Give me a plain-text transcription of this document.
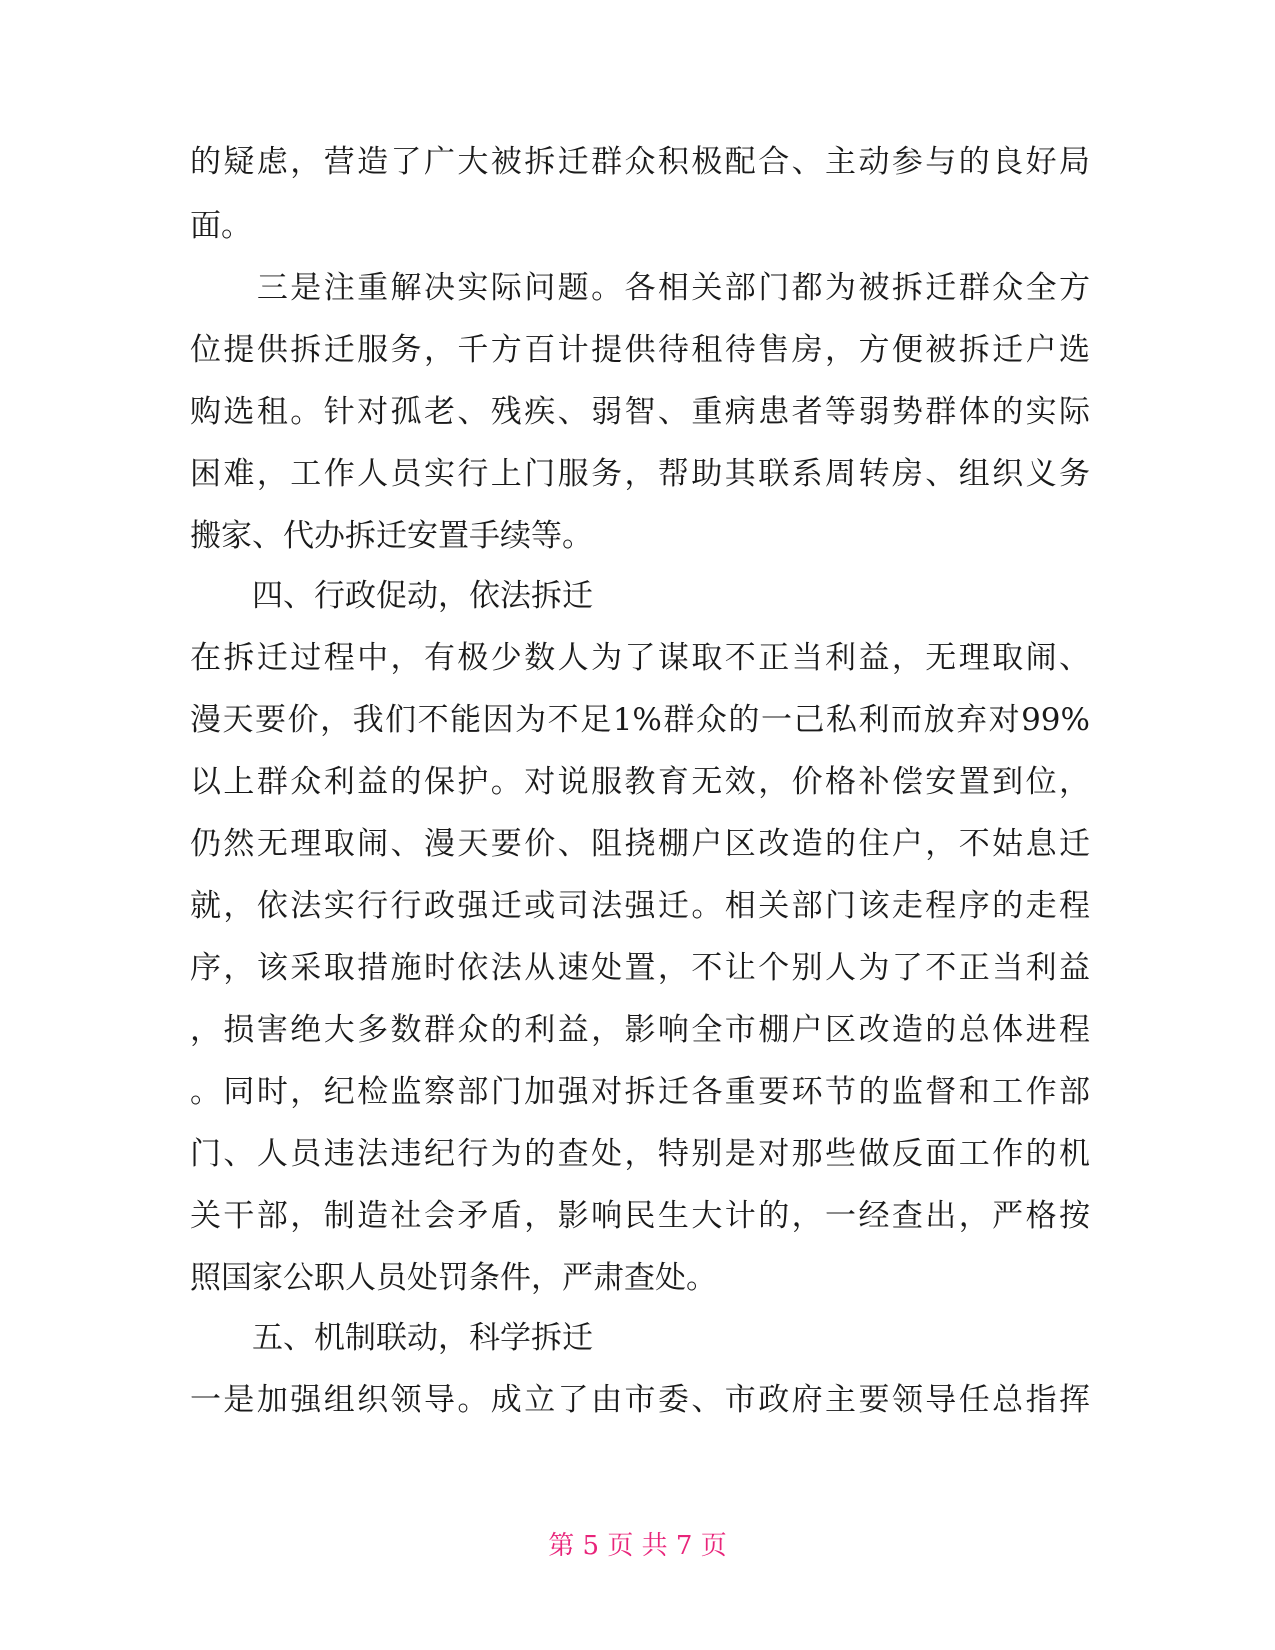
的疑虑，营造了广大被拆迁群众积极配合、主动参与的良好局
面。
　　三是注重解决实际问题。各相关部门都为被拆迁群众全方
位提供拆迁服务，千方百计提供待租待售房，方便被拆迁户选
购选租。针对孤老、残疾、弱智、重病患者等弱势群体的实际
困难，工作人员实行上门服务，帮助其联系周转房、组织义务
搬家、代办拆迁安置手续等。
　　四、行政促动，依法拆迁
在拆迁过程中，有极少数人为了谋取不正当利益，无理取闹、
漫天要价，我们不能因为不足1%群众的一己私利而放弃对99%
以上群众利益的保护。对说服教育无效，价格补偿安置到位，
仍然无理取闹、漫天要价、阻挠棚户区改造的住户，不姑息迁
就，依法实行行政强迁或司法强迁。相关部门该走程序的走程
序，该采取措施时依法从速处置，不让个别人为了不正当利益
，损害绝大多数群众的利益，影响全市棚户区改造的总体进程
。同时，纪检监察部门加强对拆迁各重要环节的监督和工作部
门、人员违法违纪行为的查处，特别是对那些做反面工作的机
关干部，制造社会矛盾，影响民生大计的，一经查出，严格按
照国家公职人员处罚条件，严肃查处。
　　五、机制联动，科学拆迁
一是加强组织领导。成立了由市委、市政府主要领导任总指挥
第 5 页 共 7 页
